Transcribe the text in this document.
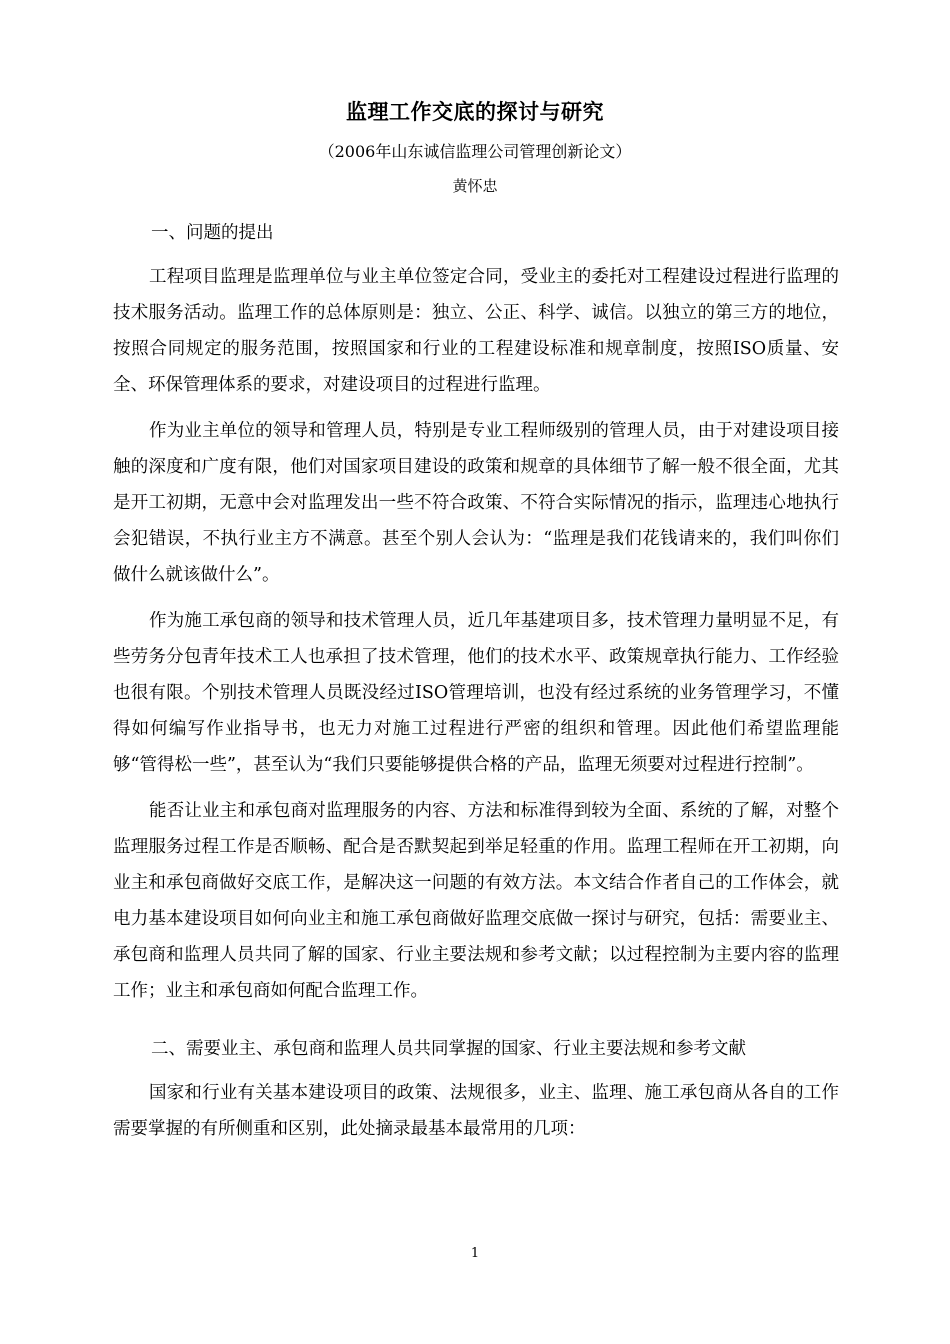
监理工作交底的探讨与研究
（2006年山东诚信监理公司管理创新论文）
黄怀忠

一、问题的提出

工程项目监理是监理单位与业主单位签定合同，受业主的委托对工程建设过程进行监理的技术服务活动。监理工作的总体原则是：独立、公正、科学、诚信。以独立的第三方的地位，按照合同规定的服务范围，按照国家和行业的工程建设标准和规章制度，按照ISO质量、安全、环保管理体系的要求，对建设项目的过程进行监理。

作为业主单位的领导和管理人员，特别是专业工程师级别的管理人员，由于对建设项目接触的深度和广度有限，他们对国家项目建设的政策和规章的具体细节了解一般不很全面，尤其是开工初期，无意中会对监理发出一些不符合政策、不符合实际情况的指示，监理违心地执行会犯错误，不执行业主方不满意。甚至个别人会认为：“监理是我们花钱请来的，我们叫你们做什么就该做什么”。

作为施工承包商的领导和技术管理人员，近几年基建项目多，技术管理力量明显不足，有些劳务分包青年技术工人也承担了技术管理，他们的技术水平、政策规章执行能力、工作经验也很有限。个别技术管理人员既没经过ISO管理培训，也没有经过系统的业务管理学习，不懂得如何编写作业指导书，也无力对施工过程进行严密的组织和管理。因此他们希望监理能够“管得松一些”，甚至认为“我们只要能够提供合格的产品，监理无须要对过程进行控制”。

能否让业主和承包商对监理服务的内容、方法和标准得到较为全面、系统的了解，对整个监理服务过程工作是否顺畅、配合是否默契起到举足轻重的作用。监理工程师在开工初期，向业主和承包商做好交底工作，是解决这一问题的有效方法。本文结合作者自己的工作体会，就电力基本建设项目如何向业主和施工承包商做好监理交底做一探讨与研究，包括：需要业主、承包商和监理人员共同了解的国家、行业主要法规和参考文献；以过程控制为主要内容的监理工作；业主和承包商如何配合监理工作。

二、需要业主、承包商和监理人员共同掌握的国家、行业主要法规和参考文献

国家和行业有关基本建设项目的政策、法规很多，业主、监理、施工承包商从各自的工作需要掌握的有所侧重和区别，此处摘录最基本最常用的几项：

1
